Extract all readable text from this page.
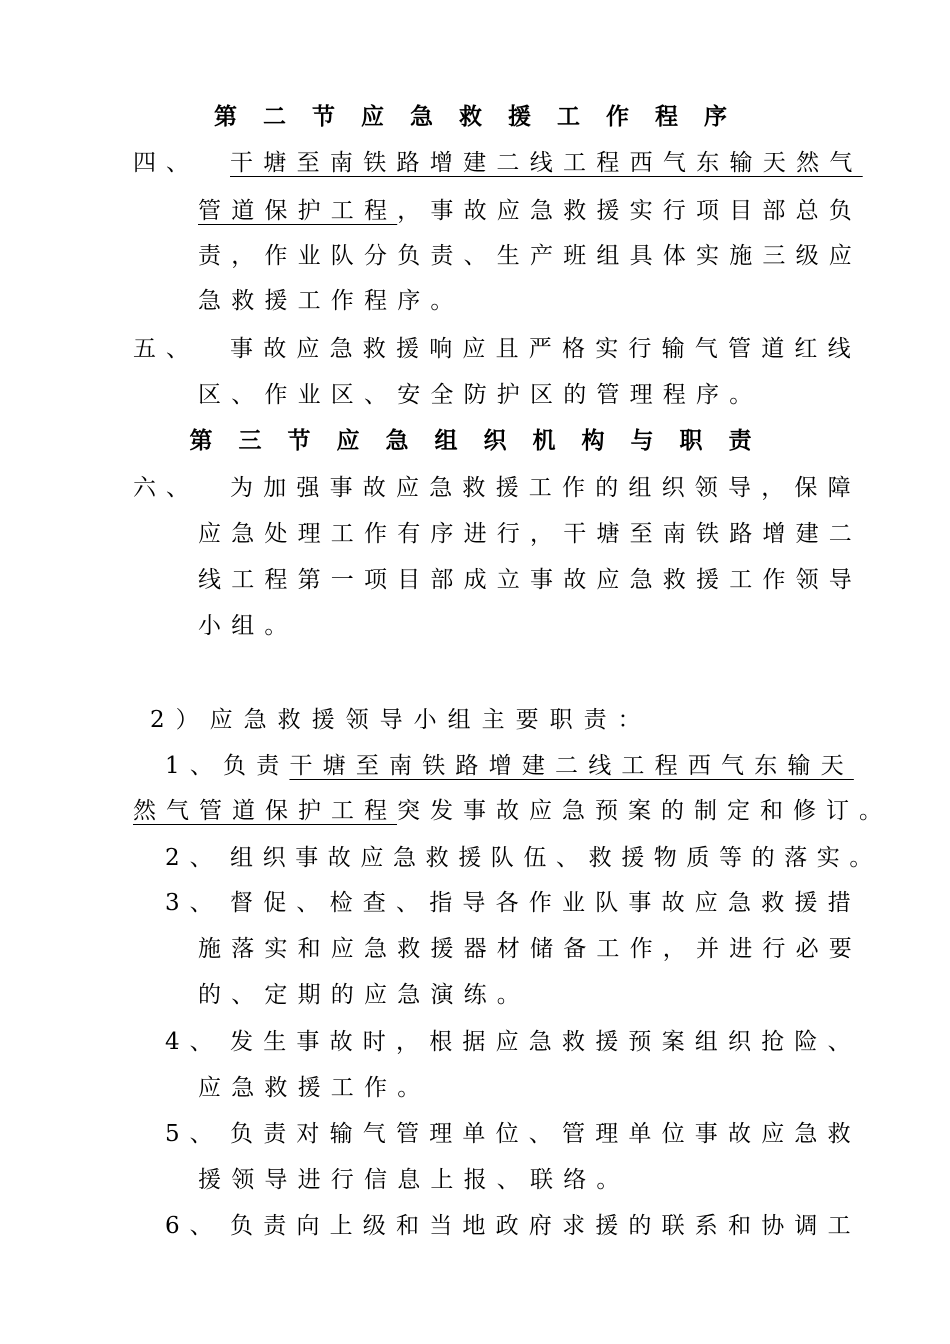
第 二 节 应 急 救 援 工 作 程 序
四、 干塘至南铁路增建二线工程西气东输天然气
管道保护工程，事故应急救援实行项目部总负
责，作业队分负责、生产班组具体实施三级应
急救援工作程序。
五、 事故应急救援响应且严格实行输气管道红线
区、作业区、安全防护区的管理程序。
第 三 节 应 急 组 织 机 构 与 职 责
六、 为加强事故应急救援工作的组织领导，保障
应急处理工作有序进行，干塘至南铁路增建二
线工程第一项目部成立事故应急救援工作领导
小组。
2）应急救援领导小组主要职责：
1、负责干塘至南铁路增建二线工程西气东输天
然气管道保护工程突发事故应急预案的制定和修订。
2、 组织事故应急救援队伍、救援物质等的落实。
3、 督促、检查、指导各作业队事故应急救援措
施落实和应急救援器材储备工作，并进行必要
的、定期的应急演练。
4、 发生事故时，根据应急救援预案组织抢险、
应急救援工作。
5、 负责对输气管理单位、管理单位事故应急救
援领导进行信息上报、联络。
6、 负责向上级和当地政府求援的联系和协调工
